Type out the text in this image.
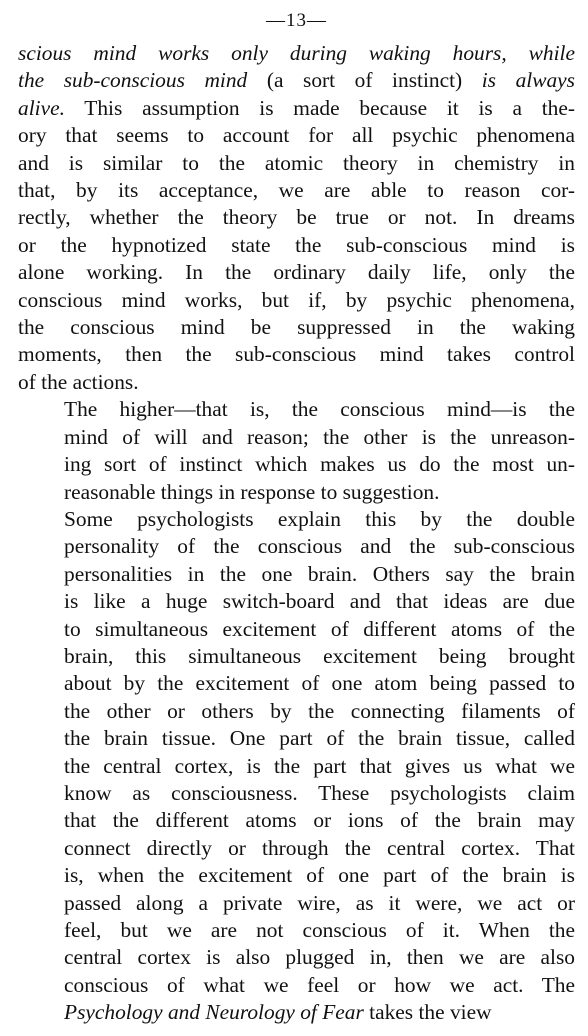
—13—

scious mind works only during waking hours, while
the sub-conscious mind (a sort of instinct) is always
alive. This assumption is made because it is a the-
ory that seems to account for all psychic phenomena
and is similar to the atomic theory in chemistry in
that, by its acceptance, we are able to reason cor-
rectly, whether the theory be true or not. In dreams
or the hypnotized state the sub-conscious mind is
alone working. In the ordinary daily life, only the
conscious mind works, but if, by psychic phenomena,
the conscious mind be suppressed in the waking
moments, then the sub-conscious mind takes control
of the actions.

The higher—that is, the conscious mind—is the
mind of will and reason; the other is the unreason-
ing sort of instinct which makes us do the most un-
reasonable things in response to suggestion.

Some psychologists explain this by the double
personality of the conscious and the sub-conscious
personalities in the one brain. Others say the brain
is like a huge switch-board and that ideas are due
to simultaneous excitement of different atoms of the
brain, this simultaneous excitement being brought
about by the excitement of one atom being passed to
the other or others by the connecting filaments of
the brain tissue. One part of the brain tissue, called
the central cortex, is the part that gives us what we
know as consciousness. These psychologists claim
that the different atoms or ions of the brain may
connect directly or through the central cortex. That
is, when the excitement of one part of the brain is
passed along a private wire, as it were, we act or
feel, but we are not conscious of it. When the
central cortex is also plugged in, then we are also
conscious of what we feel or how we act. The
Psychology and Neurology of Fear takes the view
